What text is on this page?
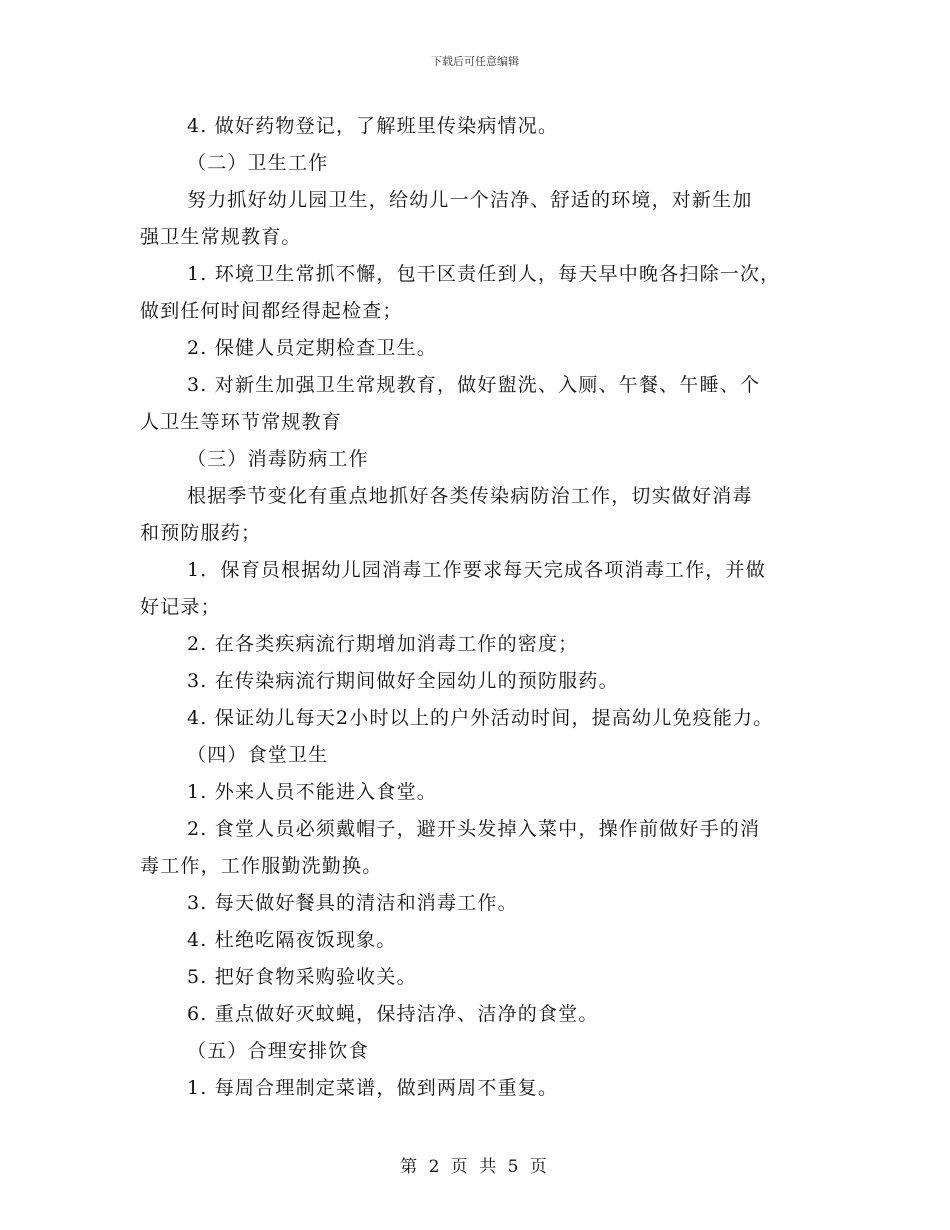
下载后可任意编辑
4. 做好药物登记，了解班里传染病情况。
（二）卫生工作
努力抓好幼儿园卫生，给幼儿一个洁净、舒适的环境，对新生加
强卫生常规教育。
1. 环境卫生常抓不懈，包干区责任到人，每天早中晚各扫除一次，
做到任何时间都经得起检查；
2. 保健人员定期检查卫生。
3. 对新生加强卫生常规教育，做好盥洗、入厕、午餐、午睡、个
人卫生等环节常规教育
（三）消毒防病工作
根据季节变化有重点地抓好各类传染病防治工作，切实做好消毒
和预防服药；
1．保育员根据幼儿园消毒工作要求每天完成各项消毒工作，并做
好记录；
2. 在各类疾病流行期增加消毒工作的密度；
3. 在传染病流行期间做好全园幼儿的预防服药。
4. 保证幼儿每天2小时以上的户外活动时间，提高幼儿免疫能力。
（四）食堂卫生
1. 外来人员不能进入食堂。
2. 食堂人员必须戴帽子，避开头发掉入菜中，操作前做好手的消
毒工作，工作服勤洗勤换。
3. 每天做好餐具的清洁和消毒工作。
4. 杜绝吃隔夜饭现象。
5. 把好食物采购验收关。
6. 重点做好灭蚊蝇，保持洁净、洁净的食堂。
（五）合理安排饮食
1. 每周合理制定菜谱，做到两周不重复。
第 2 页 共 5 页
